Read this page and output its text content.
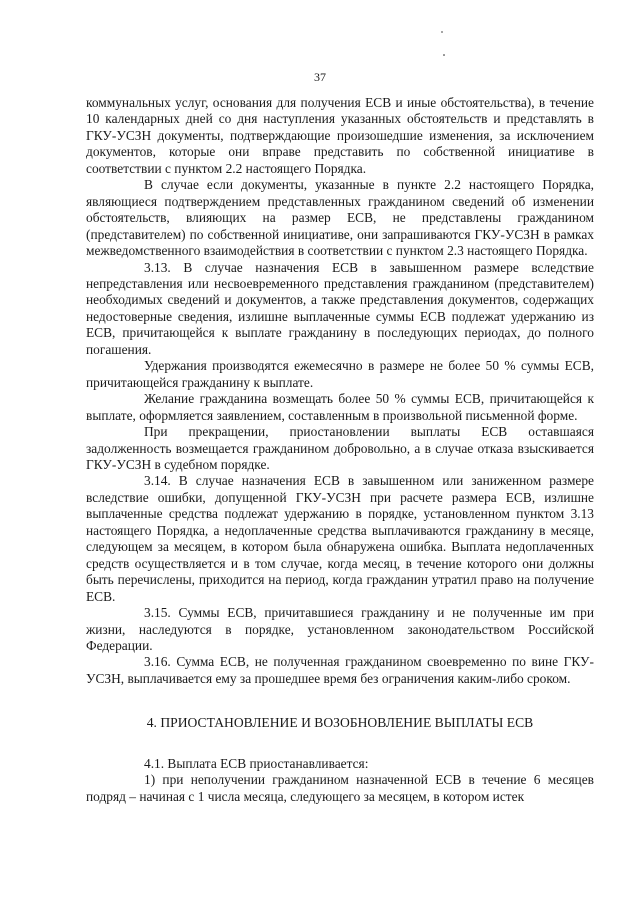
37

коммунальных услуг, основания для получения ЕСВ и иные обстоятельства), в течение 10 календарных дней со дня наступления указанных обстоятельств и представлять в ГКУ-УСЗН документы, подтверждающие произошедшие изменения, за исключением документов, которые они вправе представить по собственной инициативе в соответствии с пунктом 2.2 настоящего Порядка.

В случае если документы, указанные в пункте 2.2 настоящего Порядка, являющиеся подтверждением представленных гражданином сведений об изменении обстоятельств, влияющих на размер ЕСВ, не представлены гражданином (представителем) по собственной инициативе, они запрашиваются ГКУ-УСЗН в рамках межведомственного взаимодействия в соответствии с пунктом 2.3 настоящего Порядка.

3.13. В случае назначения ЕСВ в завышенном размере вследствие непредставления или несвоевременного представления гражданином (представителем) необходимых сведений и документов, а также представления документов, содержащих недостоверные сведения, излишне выплаченные суммы ЕСВ подлежат удержанию из ЕСВ, причитающейся к выплате гражданину в последующих периодах, до полного погашения.

Удержания производятся ежемесячно в размере не более 50 % суммы ЕСВ, причитающейся гражданину к выплате.

Желание гражданина возмещать более 50 % суммы ЕСВ, причитающейся к выплате, оформляется заявлением, составленным в произвольной письменной форме.

При прекращении, приостановлении выплаты ЕСВ оставшаяся задолженность возмещается гражданином добровольно, а в случае отказа взыскивается ГКУ-УСЗН в судебном порядке.

3.14. В случае назначения ЕСВ в завышенном или заниженном размере вследствие ошибки, допущенной ГКУ-УСЗН при расчете размера ЕСВ, излишне выплаченные средства подлежат удержанию в порядке, установленном пунктом 3.13 настоящего Порядка, а недоплаченные средства выплачиваются гражданину в месяце, следующем за месяцем, в котором была обнаружена ошибка. Выплата недоплаченных средств осуществляется и в том случае, когда месяц, в течение которого они должны быть перечислены, приходится на период, когда гражданин утратил право на получение ЕСВ.

3.15. Суммы ЕСВ, причитавшиеся гражданину и не полученные им при жизни, наследуются в порядке, установленном законодательством Российской Федерации.

3.16. Сумма ЕСВ, не полученная гражданином своевременно по вине ГКУ-УСЗН, выплачивается ему за прошедшее время без ограничения каким-либо сроком.

4. ПРИОСТАНОВЛЕНИЕ И ВОЗОБНОВЛЕНИЕ ВЫПЛАТЫ ЕСВ

4.1. Выплата ЕСВ приостанавливается:

1) при неполучении гражданином назначенной ЕСВ в течение 6 месяцев подряд – начиная с 1 числа месяца, следующего за месяцем, в котором истек
